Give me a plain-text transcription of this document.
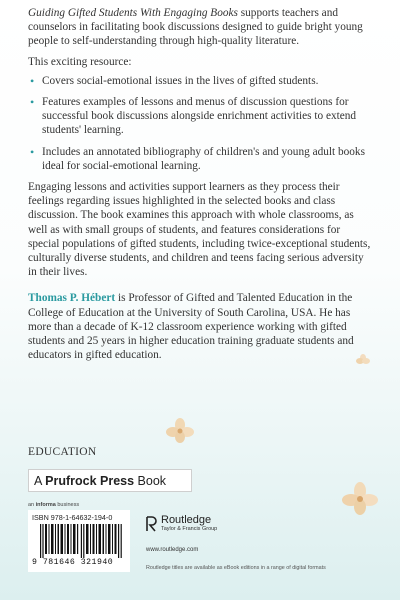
Guiding Gifted Students With Engaging Books supports teachers and counselors in facilitating book discussions designed to guide bright young people to self-understanding through high-quality literature.

This exciting resource:

• Covers social-emotional issues in the lives of gifted students.
• Features examples of lessons and menus of discussion questions for successful book discussions alongside enrichment activities to extend students' learning.
• Includes an annotated bibliography of children's and young adult books ideal for social-emotional learning.

Engaging lessons and activities support learners as they process their feelings regarding issues highlighted in the selected books and class discussion. The book examines this approach with whole classrooms, as well as with small groups of students, and features considerations for special populations of gifted students, including twice-exceptional students, culturally diverse students, and children and teens facing serious adversity in their lives.

Thomas P. Hébert is Professor of Gifted and Talented Education in the College of Education at the University of South Carolina, USA. He has more than a decade of K-12 classroom experience working with gifted students and 25 years in higher education training graduate students and educators in gifted education.

EDUCATION
A Prufrock Press Book
an informa business
ISBN 978-1-64632-194-0
9 781646 321940
Routledge
Taylor & Francis Group
www.routledge.com
Routledge titles are available as eBook editions in a range of digital formats
